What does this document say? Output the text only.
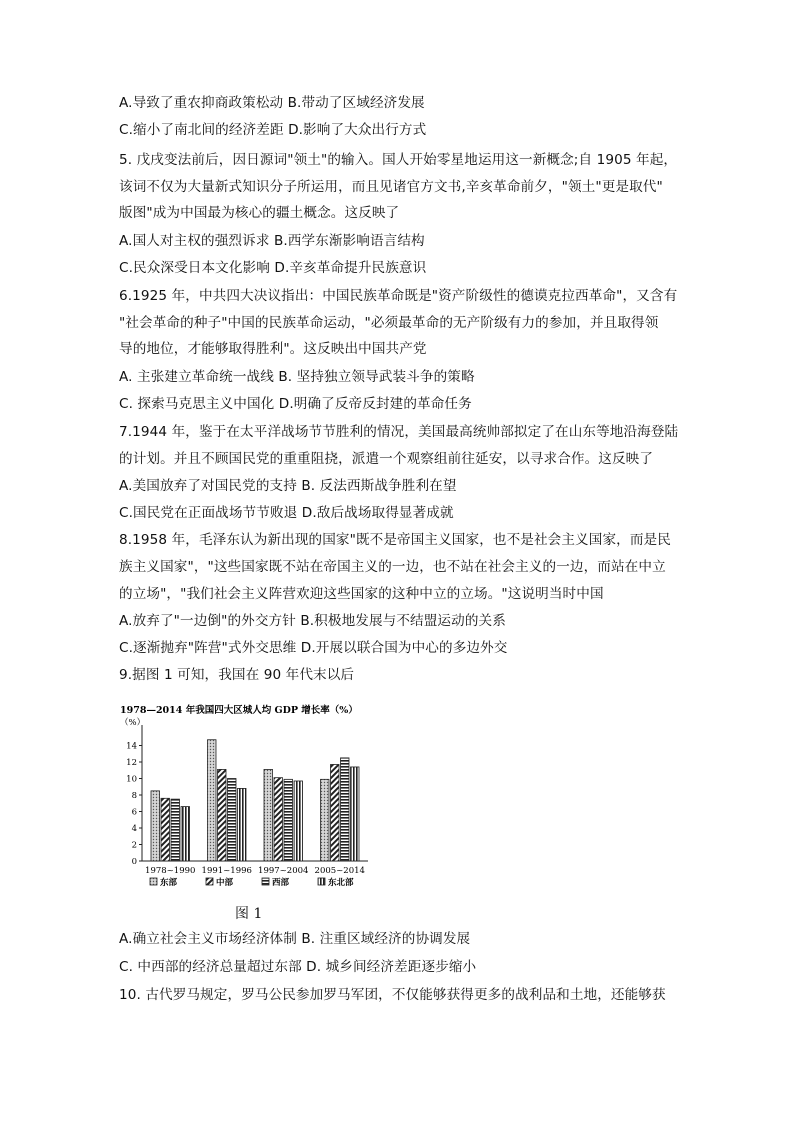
A.导致了重农抑商政策松动 B.带动了区域经济发展
C.缩小了南北间的经济差距 D.影响了大众出行方式
5. 戊戌变法前后，因日源词"领土"的输入。国人开始零星地运用这一新概念;自 1905 年起，
该词不仅为大量新式知识分子所运用，而且见诸官方文书,辛亥革命前夕，"领土"更是取代"
版图"成为中国最为核心的疆土概念。这反映了
A.国人对主权的强烈诉求 B.西学东渐影响语言结构
C.民众深受日本文化影响 D.辛亥革命提升民族意识
6.1925 年，中共四大决议指出：中国民族革命既是"资产阶级性的德谟克拉西革命"，又含有
"社会革命的种子"中国的民族革命运动，"必须最革命的无产阶级有力的参加，并且取得领
导的地位，才能够取得胜利"。这反映出中国共产党
A. 主张建立革命统一战线 B. 坚持独立领导武装斗争的策略
C. 探索马克思主义中国化 D.明确了反帝反封建的革命任务
7.1944 年，鉴于在太平洋战场节节胜利的情况，美国最高统帅部拟定了在山东等地沿海登陆
的计划。并且不顾国民党的重重阻挠，派遣一个观察组前往延安，以寻求合作。这反映了
A.美国放弃了对国民党的支持 B. 反法西斯战争胜利在望
C.国民党在正面战场节节败退 D.敌后战场取得显著成就
8.1958 年，毛泽东认为新出现的国家"既不是帝国主义国家，也不是社会主义国家，而是民
族主义国家"，"这些国家既不站在帝国主义的一边，也不站在社会主义的一边，而站在中立
的立场"，"我们社会主义阵营欢迎这些国家的这种中立的立场。"这说明当时中国
A.放弃了"一边倒"的外交方针 B.积极地发展与不结盟运动的关系
C.逐渐抛弃"阵营"式外交思维 D.开展以联合国为中心的多边外交
9.据图 1 可知，我国在 90 年代末以后
1978—2014 年我国四大区城人均 GDP 增长率（%）
（%）
0
2
4
6
8
10
12
14
1978~1990 1991~1996 1997~2004 2005~2014
东部	中部	西部	东北部
图 1
A.确立社会主义市场经济体制 B. 注重区域经济的协调发展
C. 中西部的经济总量超过东部 D. 城乡间经济差距逐步缩小
10. 古代罗马规定，罗马公民参加罗马军团，不仅能够获得更多的战利品和土地，还能够获
